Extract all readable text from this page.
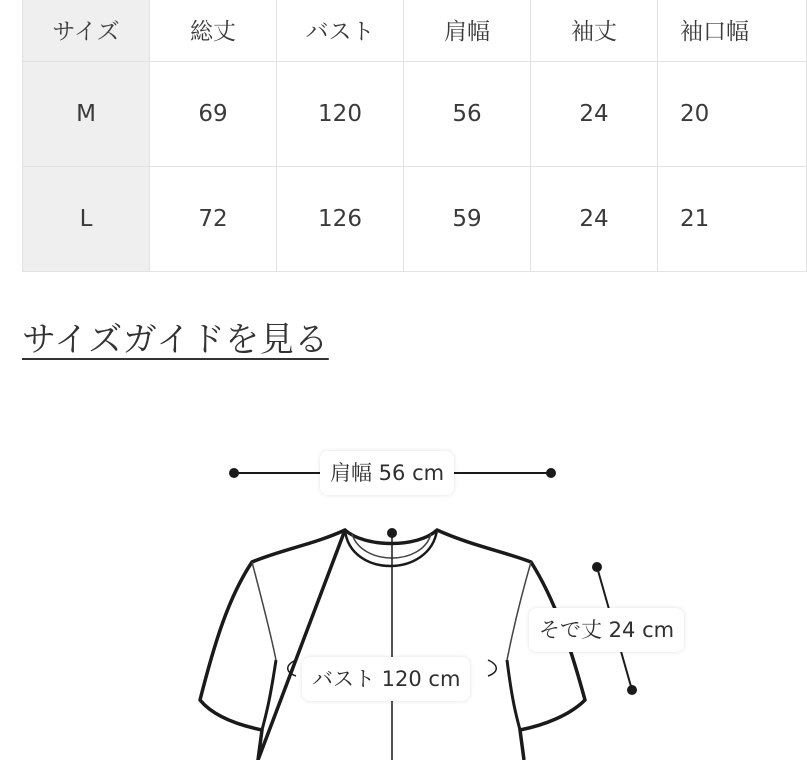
サイズ	総丈	バスト	肩幅	袖丈	袖口幅
M	69	120	56	24	20
L	72	126	59	24	21
サイズガイドを見る
肩幅 56 cm
そで丈 24 cm
バスト 120 cm
